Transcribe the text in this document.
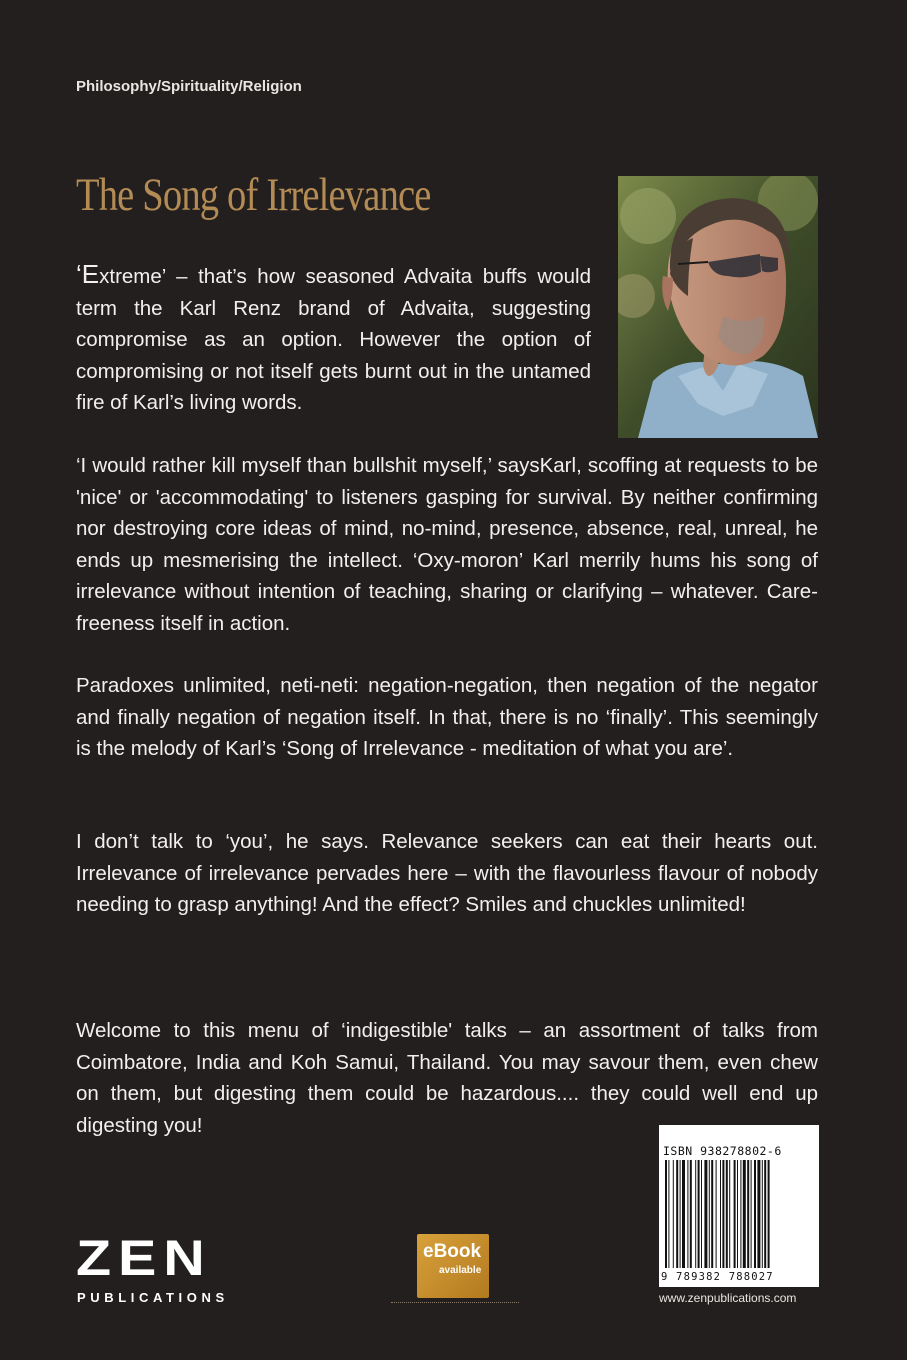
Philosophy/Spirituality/Religion
The Song of Irrelevance
‘Extreme’ – that’s how seasoned Advaita buffs would term the Karl Renz brand of Advaita, suggesting compromise as an option. However the option of compromising or not itself gets burnt out in the untamed fire of Karl’s living words.
‘I would rather kill myself than bullshit myself,’ saysKarl, scoffing at requests to be 'nice' or 'accommodating' to listeners gasping for survival. By neither confirming nor destroying core ideas of mind, no-mind, presence, absence, real, unreal, he ends up mesmerising the intellect. ‘Oxy-moron’ Karl merrily hums his song of irrelevance without intention of teaching, sharing or clarifying – whatever. Care-freeness itself in action.
Paradoxes unlimited, neti-neti: negation-negation, then negation of the negator and finally negation of negation itself. In that, there is no ‘finally’. This seemingly is the melody of Karl’s ‘Song of Irrelevance - meditation of what you are’.
I don’t talk to ‘you’, he says. Relevance seekers can eat their hearts out. Irrelevance of irrelevance pervades here – with the flavourless flavour of nobody needing to grasp anything! And the effect? Smiles and chuckles unlimited!
Welcome to this menu of ‘indigestible' talks – an assortment of talks from Coimbatore, India and Koh Samui, Thailand. You may savour them, even chew on them, but digesting them could be hazardous.... they could well end up digesting you!
ISBN 938278802-6
9 789382 788027
www.zenpublications.com
ZEN
PUBLICATIONS
eBook
available
